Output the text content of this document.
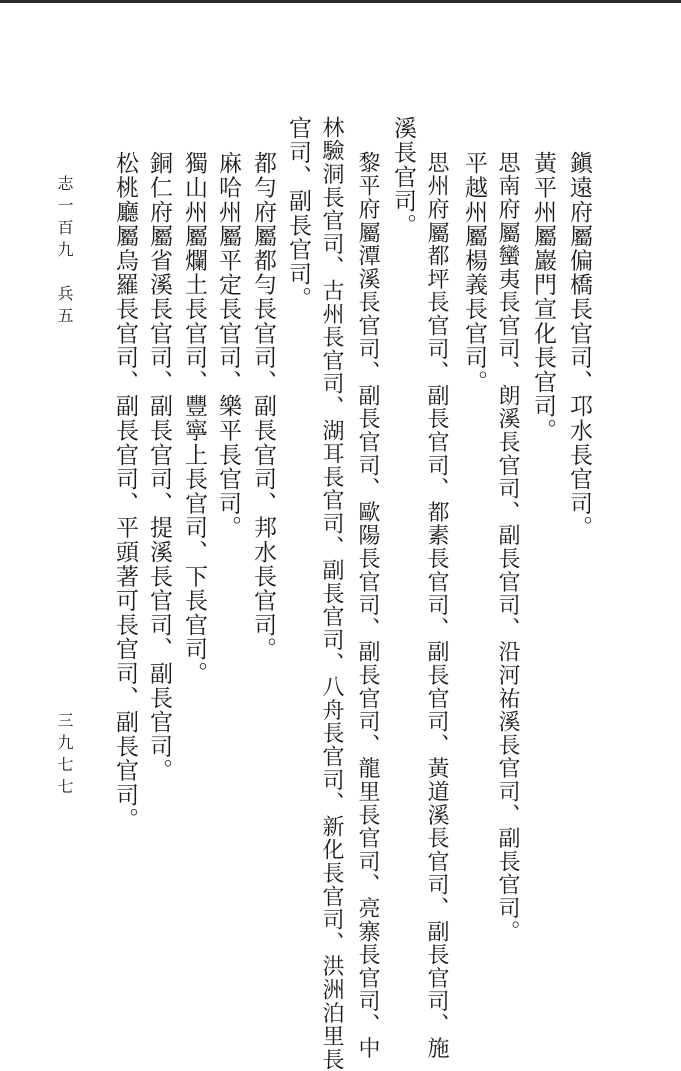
鎭遠府屬偏橋長官司、邛水長官司。

黃平州屬巖門宣化長官司。

思南府屬蠻夷長官司、朗溪長官司、副長官司、沿河祐溪長官司、副長官司。

平越州屬楊義長官司。

思州府屬都坪長官司、副長官司、都素長官司、副長官司、黃道溪長官司、副長官司、施

溪長官司。

黎平府屬潭溪長官司、副長官司、歐陽長官司、副長官司、龍里長官司、亮寨長官司、中

林驗洞長官司、古州長官司、湖耳長官司、副長官司、八舟長官司、新化長官司、洪洲泊里長

官司、副長官司。

都勻府屬都勻長官司、副長官司、邦水長官司。

麻哈州屬平定長官司、樂平長官司。

獨山州屬爛土長官司、豐寧上長官司、下長官司。

銅仁府屬省溪長官司、副長官司、提溪長官司、副長官司。

松桃廳屬烏羅長官司、副長官司、平頭著可長官司、副長官司。

志一百九　兵五
三九七七
